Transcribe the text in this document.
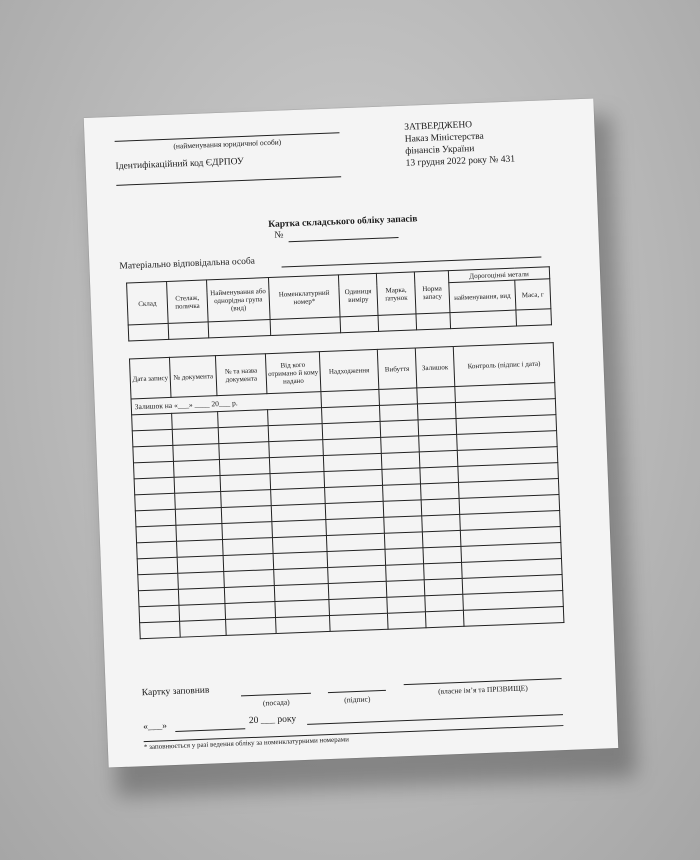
(найменування юридичної особи)
Ідентифікаційний код ЄДРПОУ
ЗАТВЕРДЖЕНО
Наказ Міністерства
фінансів України
13 грудня 2022 року № 431
Картка складського обліку запасів
№
Матеріально відповідальна особа
Склад	Стелаж, поличка	Найменування або однорідна група (вид)	Номенклатурний номер*	Одиниця виміру	Марка, ґатунок	Норма запасу	Дорогоцінні метали	
							найменування, вид	Маса, г

Дата запису	№ документа	№ та назва документа	Від кого отримано й кому надано	Надходження	Вибуття	Залишок	Контроль (підпис і дата)
Залишок на «___» ____ 20___ р.							

Картку заповнив
(посада)	(підпис)
(власне ім’я та ПРІЗВИЩЕ)
«___»
20 ___ року
* заповнюється у разі ведення обліку за номенклатурними номерами
